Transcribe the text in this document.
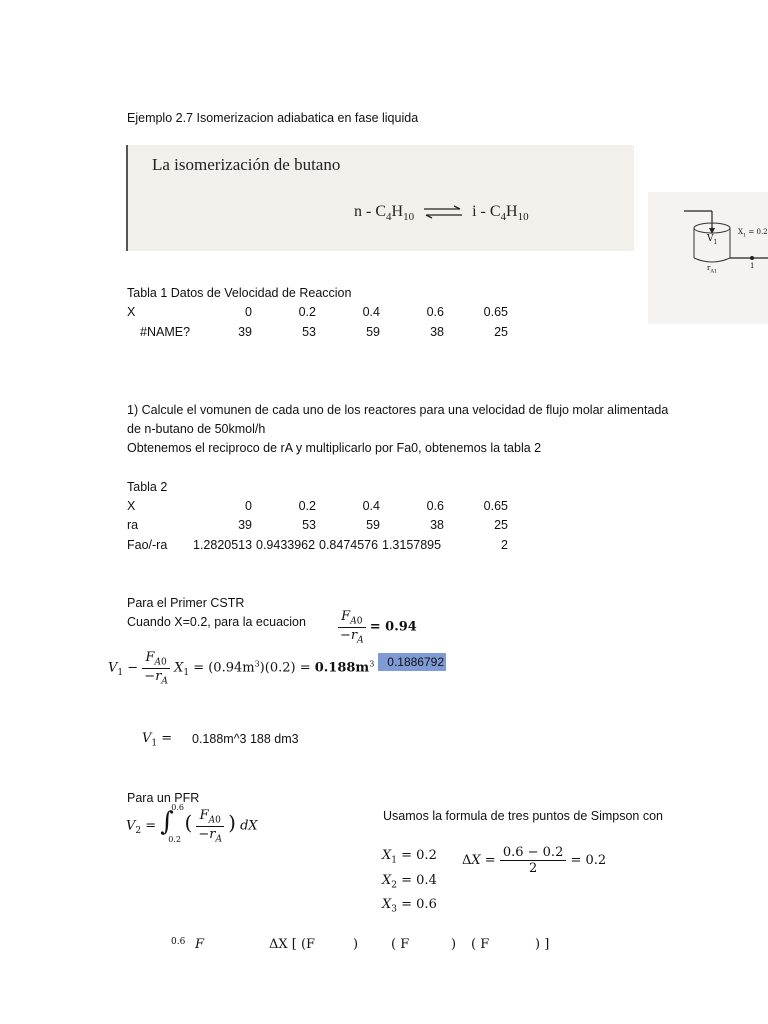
Ejemplo 2.7 Isomerizacion adiabatica en fase liquida
La isomerización de butano
n - $C_4H_{10}$ ⇌ i - $C_4H_{10}$
$V_1$
$X_1 = 0.2$
$r_{A1}$
1
Tabla 1 Datos de Velocidad de Reaccion
X	0	0.2	0.4	0.6	0.65
#NAME?	39	53	59	38	25
1) Calcule el vomunen de cada uno de los reactores para una velocidad de flujo molar alimentada
de n-butano de 50kmol/h
Obtenemos el reciproco de rA y multiplicarlo por Fa0, obtenemos la tabla 2
Tabla 2
X	0	0.2	0.4	0.6	0.65
ra	39	53	59	38	25
Fao/-ra 1.2820513 0.9433962 0.8474576 1.3157895	2
Para el Primer CSTR
Cuando X=0.2, para la ecuacion $\frac{F_{A0}}{-r_A} = 0.94$
$V_1 - \frac{F_{A0}}{-r_A} X_1 = (0.94m^3)(0.2) = 0.188m^3$	0.1886792
$V_1$ = 0.188m^3 188 dm3
Para un PFR
$V_2$ = ∫
0.6
0.2
( $\frac{F_{A0}}{-r_A}$ ) dX
Usamos la formula de tres puntos de Simpson con
$X_1 = 0.2$
$X_2 = 0.4$
$X_3 = 0.6$
$\Delta X = \frac{0.6 - 0.2}{2} = 0.2$
0.6 F	ΔX [ (F	)	( F	) ( F	) ]
